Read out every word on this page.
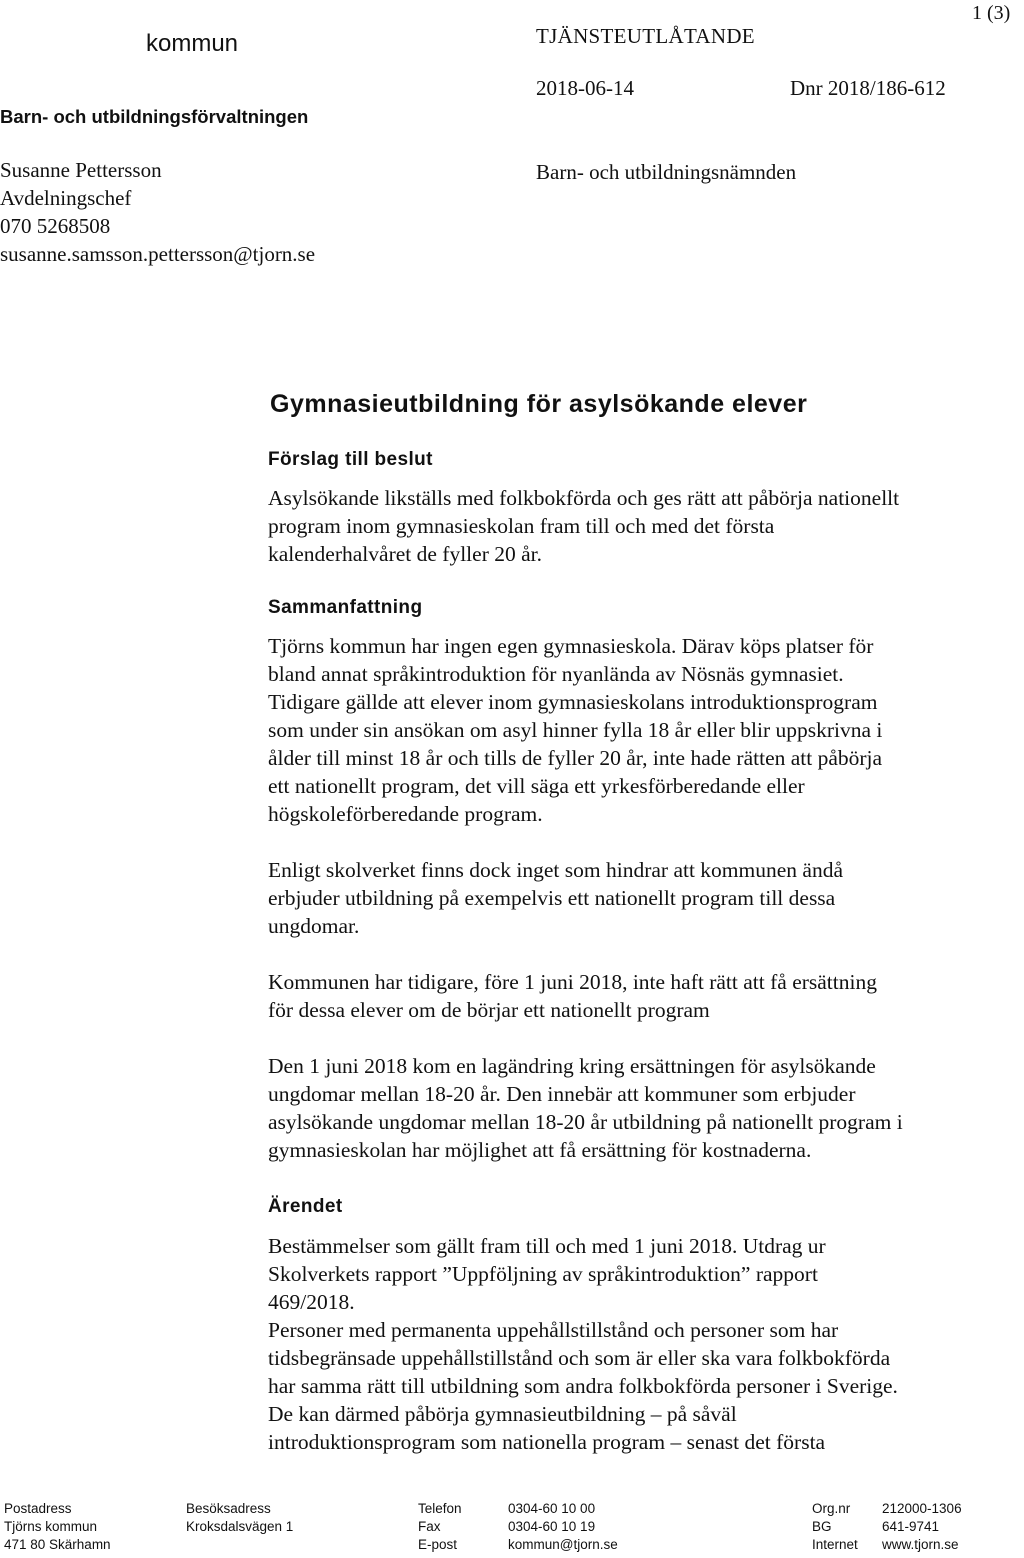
kommun
Barn- och utbildningsförvaltningen
Susanne Pettersson
Avdelningschef
070 5268508
susanne.samsson.pettersson@tjorn.se
TJÄNSTEUTLÅTANDE
1 (3)
2018-06-14	Dnr 2018/186-612
Barn- och utbildningsnämnden
Gymnasieutbildning för asylsökande elever
Förslag till beslut

Asylsökande likställs med folkbokförda och ges rätt att påbörja nationellt
program inom gymnasieskolan fram till och med det första
kalenderhalvåret de fyller 20 år.

Sammanfattning

Tjörns kommun har ingen egen gymnasieskola. Därav köps platser för
bland annat språkintroduktion för nyanlända av Nösnäs gymnasiet.
Tidigare gällde att elever inom gymnasieskolans introduktionsprogram
som under sin ansökan om asyl hinner fylla 18 år eller blir uppskrivna i
ålder till minst 18 år och tills de fyller 20 år, inte hade rätten att påbörja
ett nationellt program, det vill säga ett yrkesförberedande eller
högskoleförberedande program.

Enligt skolverket finns dock inget som hindrar att kommunen ändå
erbjuder utbildning på exempelvis ett nationellt program till dessa
ungdomar.

Kommunen har tidigare, före 1 juni 2018, inte haft rätt att få ersättning
för dessa elever om de börjar ett nationellt program

Den 1 juni 2018 kom en lagändring kring ersättningen för asylsökande
ungdomar mellan 18-20 år. Den innebär att kommuner som erbjuder
asylsökande ungdomar mellan 18-20 år utbildning på nationellt program i
gymnasieskolan har möjlighet att få ersättning för kostnaderna.

Ärendet

Bestämmelser som gällt fram till och med 1 juni 2018. Utdrag ur
Skolverkets rapport ”Uppföljning av språkintroduktion” rapport
469/2018.

Personer med permanenta uppehållstillstånd och personer som har
tidsbegränsade uppehållstillstånd och som är eller ska vara folkbokförda
har samma rätt till utbildning som andra folkbokförda personer i Sverige.
De kan därmed påbörja gymnasieutbildning – på såväl
introduktionsprogram som nationella program – senast det första

Postadress
Tjörns kommun
471 80 Skärhamn
Besöksadress
Kroksdalsvägen 1
Telefon
Fax
E-post
0304-60 10 00
0304-60 10 19
kommun@tjorn.se
Org.nr
BG
Internet
212000-1306
641-9741
www.tjorn.se
